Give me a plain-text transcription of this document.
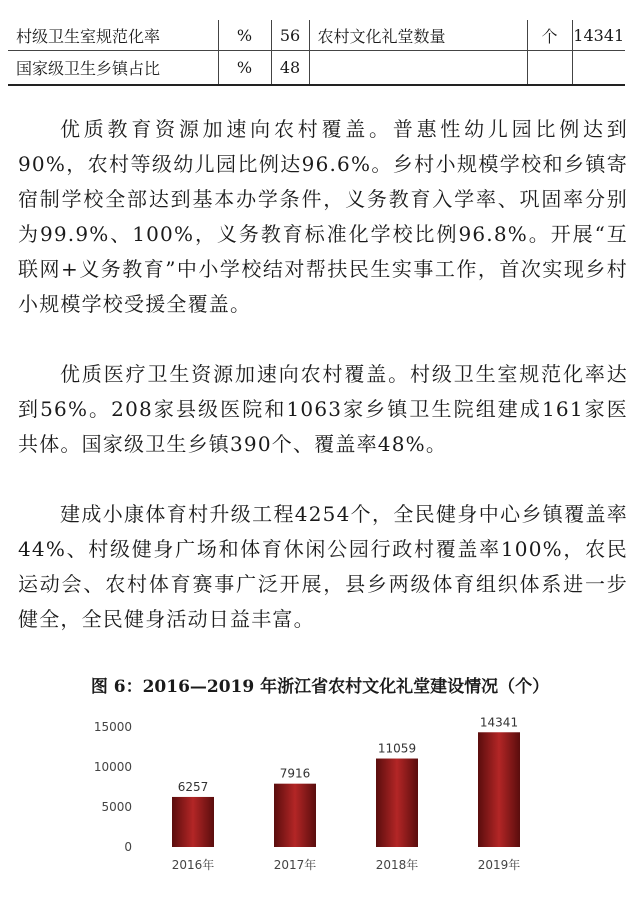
村级卫生室规范化率	%	56	农村文化礼堂数量	个	14341
国家级卫生乡镇占比	%	48			

优质教育资源加速向农村覆盖。普惠性幼儿园比例达到90%，农村等级幼儿园比例达96.6%。乡村小规模学校和乡镇寄宿制学校全部达到基本办学条件，义务教育入学率、巩固率分别为99.9%、100%，义务教育标准化学校比例96.8%。开展“互联网+义务教育”中小学校结对帮扶民生实事工作，首次实现乡村小规模学校受援全覆盖。

优质医疗卫生资源加速向农村覆盖。村级卫生室规范化率达到56%。208家县级医院和1063家乡镇卫生院组建成161家医共体。国家级卫生乡镇390个、覆盖率48%。

建成小康体育村升级工程4254个，全民健身中心乡镇覆盖率44%、村级健身广场和体育休闲公园行政村覆盖率100%，农民运动会、农村体育赛事广泛开展，县乡两级体育组织体系进一步健全，全民健身活动日益丰富。

图 6：2016—2019 年浙江省农村文化礼堂建设情况（个）
0
5000
10000
15000
6257
2016年
7916
2017年
11059
2018年
14341
2019年
